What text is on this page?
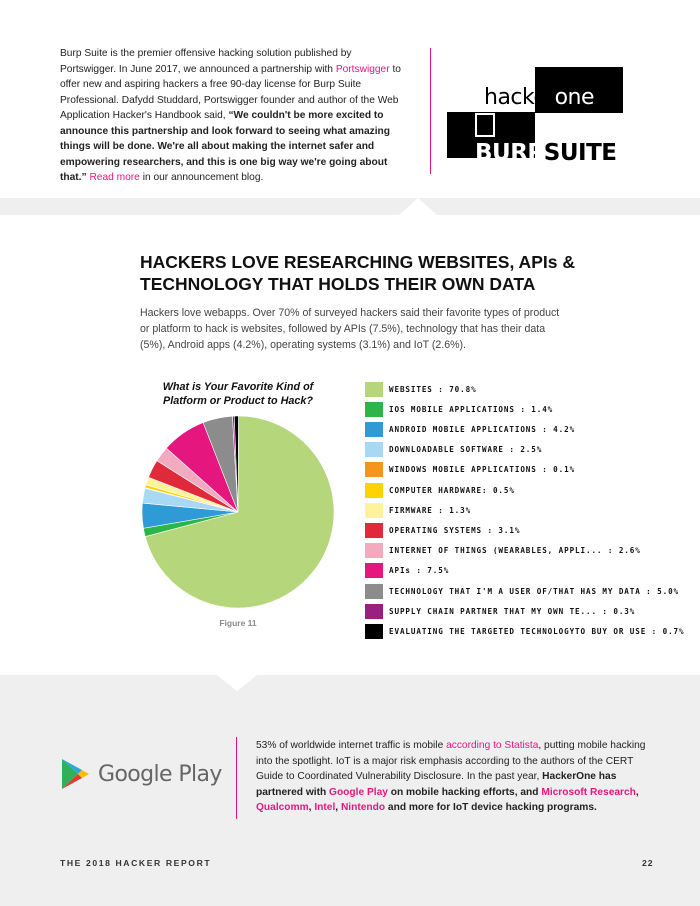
Burp Suite is the premier offensive hacking solution published by Portswigger. In June 2017, we announced a partnership with Portswigger to offer new and aspiring hackers a free 90-day license for Burp Suite Professional. Dafydd Studdard, Portswigger founder and author of the Web Application Hacker's Handbook said, “We couldn't be more excited to announce this partnership and look forward to seeing what amazing things will be done. We're all about making the internet safer and empowering researchers, and this is one big way we're going about that.” Read more in our announcement blog.

hackerone
BURPSUITE
HACKERS LOVE RESEARCHING WEBSITES, APIs & TECHNOLOGY THAT HOLDS THEIR OWN DATA

Hackers love webapps. Over 70% of surveyed hackers said their favorite types of product or platform to hack is websites, followed by APIs (7.5%), technology that has their data (5%), Android apps (4.2%), operating systems (3.1%) and IoT (2.6%).

What is Your Favorite Kind of Platform or Product to Hack?
Figure 11
WEBSITES : 70.8%
IOS MOBILE APPLICATIONS : 1.4%
ANDROID MOBILE APPLICATIONS : 4.2%
DOWNLOADABLE SOFTWARE : 2.5%
WINDOWS MOBILE APPLICATIONS : 0.1%
COMPUTER HARDWARE: 0.5%
FIRMWARE : 1.3%
OPERATING SYSTEMS : 3.1%
INTERNET OF THINGS (WEARABLES, APPLI... : 2.6%
APIs : 7.5%
TECHNOLOGY THAT I'M A USER OF/THAT HAS MY DATA : 5.0%
SUPPLY CHAIN PARTNER THAT MY OWN TE... : 0.3%
EVALUATING THE TARGETED TECHNOLOGYTO BUY OR USE : 0.7%
Google Play

53% of worldwide internet traffic is mobile according to Statista, putting mobile hacking into the spotlight. IoT is a major risk emphasis according to the authors of the CERT Guide to Coordinated Vulnerability Disclosure. In the past year, HackerOne has partnered with Google Play on mobile hacking efforts, and Microsoft Research, Qualcomm, Intel, Nintendo and more for IoT device hacking programs.

THE 2018 HACKER REPORT	22
